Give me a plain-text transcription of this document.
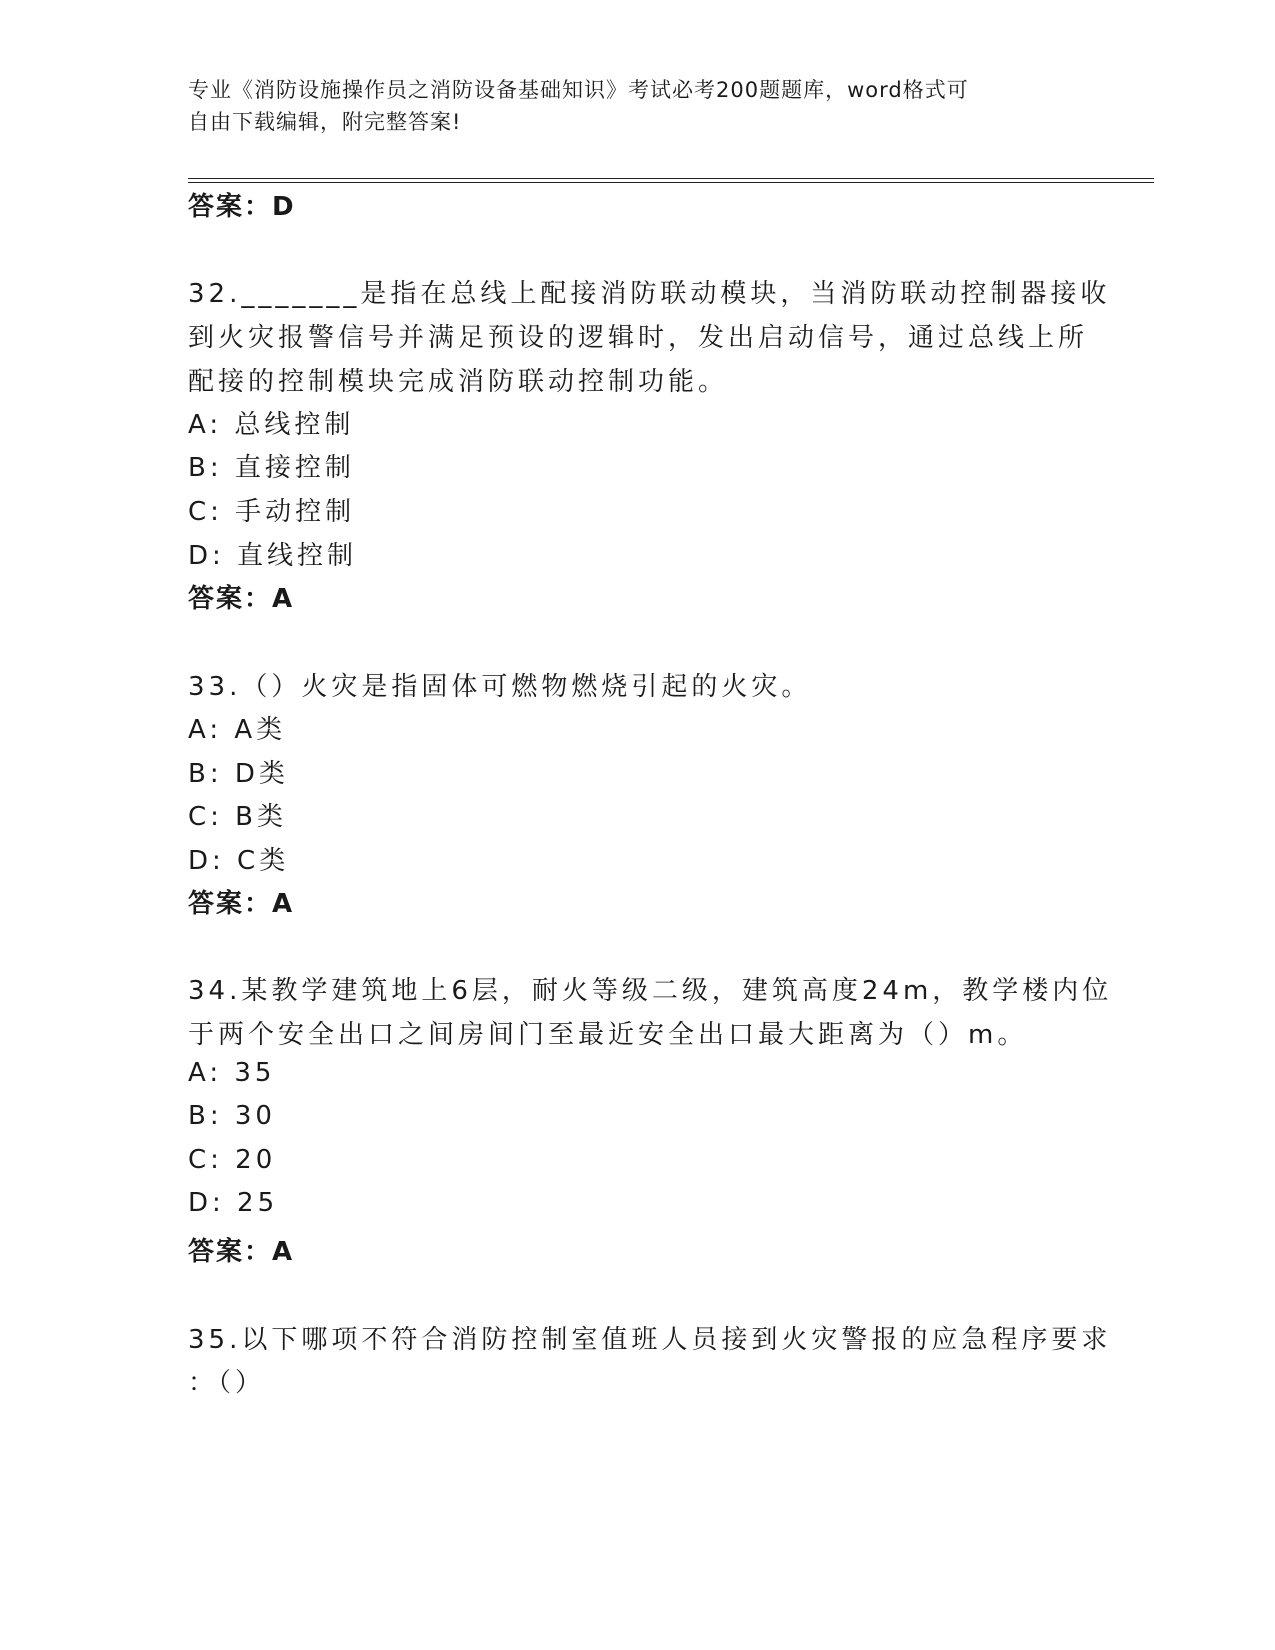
专业《消防设施操作员之消防设备基础知识》考试必考200题题库，word格式可
自由下载编辑，附完整答案!
答案：D
32._______是指在总线上配接消防联动模块，当消防联动控制器接收
到火灾报警信号并满足预设的逻辑时，发出启动信号，通过总线上所
配接的控制模块完成消防联动控制功能。
A: 总线控制
B: 直接控制
C: 手动控制
D: 直线控制
答案：A
33.（）火灾是指固体可燃物燃烧引起的火灾。
A: A类
B: D类
C: B类
D: C类
答案：A
34.某教学建筑地上6层，耐火等级二级，建筑高度24m，教学楼内位
于两个安全出口之间房间门至最近安全出口最大距离为（）m。
A: 35
B: 30
C: 20
D: 25
答案：A
35.以下哪项不符合消防控制室值班人员接到火灾警报的应急程序要求
：（）
